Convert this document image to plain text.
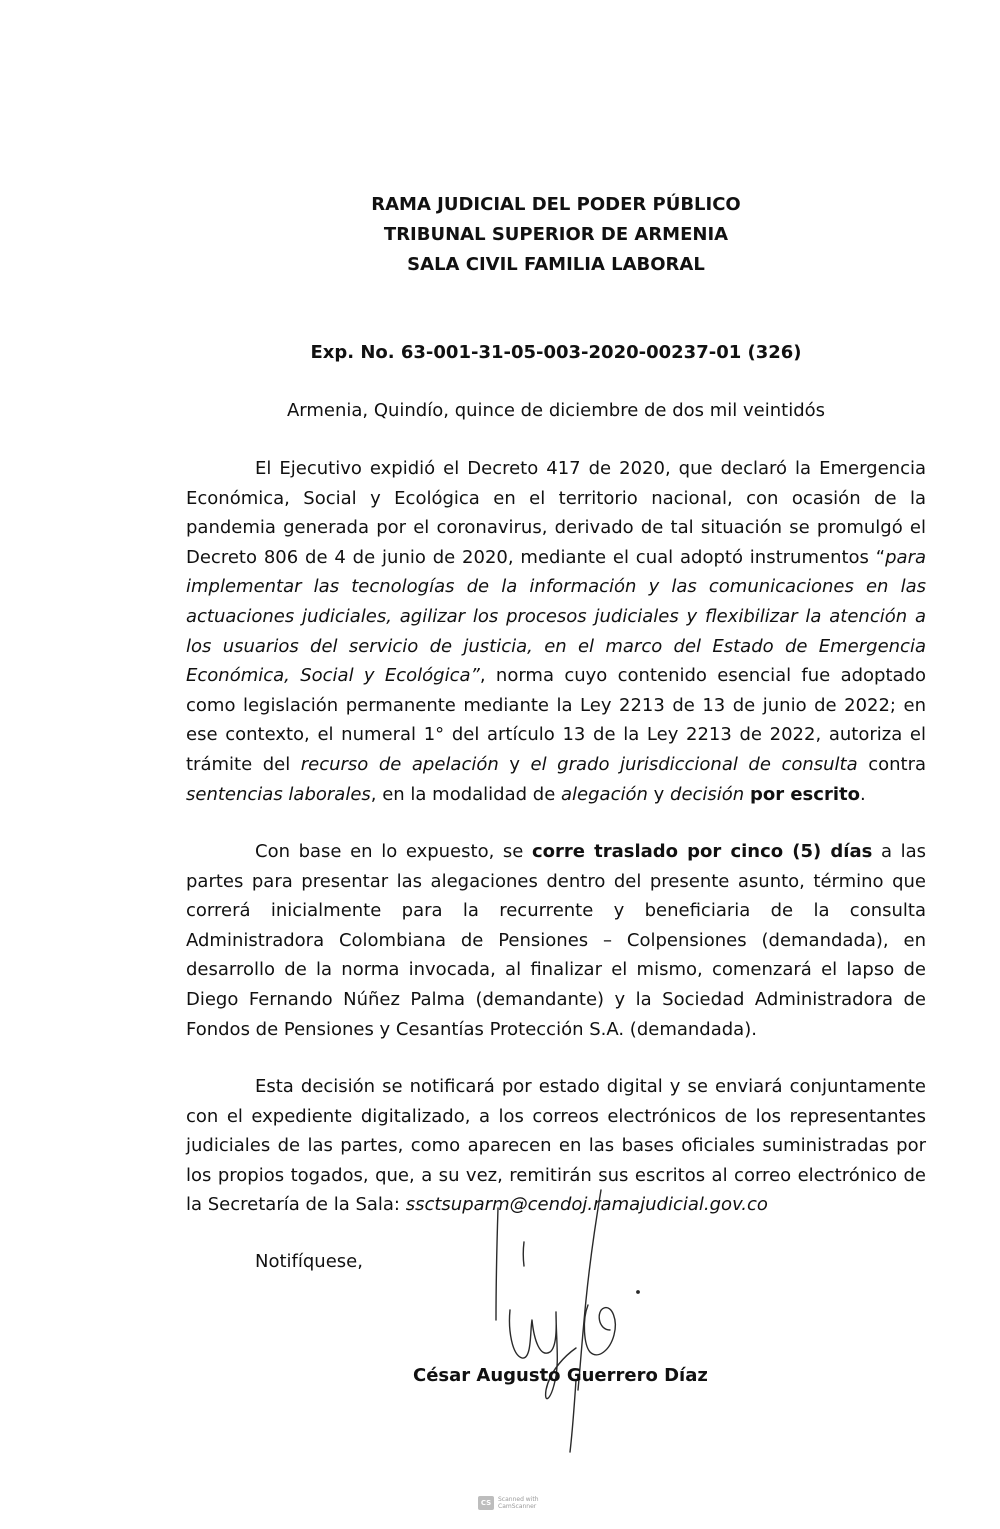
RAMA JUDICIAL DEL PODER PÚBLICO
TRIBUNAL SUPERIOR DE ARMENIA
SALA CIVIL FAMILIA LABORAL
Exp. No. 63-001-31-05-003-2020-00237-01 (326)
Armenia, Quindío, quince de diciembre de dos mil veintidós

El Ejecutivo expidió el Decreto 417 de 2020, que declaró la Emergencia Económica, Social y Ecológica en el territorio nacional, con ocasión de la pandemia generada por el coronavirus, derivado de tal situación se promulgó el Decreto 806 de 4 de junio de 2020, mediante el cual adoptó instrumentos “para implementar las tecnologías de la información y las comunicaciones en las actuaciones judiciales, agilizar los procesos judiciales y flexibilizar la atención a los usuarios del servicio de justicia, en el marco del Estado de Emergencia Económica, Social y Ecológica”, norma cuyo contenido esencial fue adoptado como legislación permanente mediante la Ley 2213 de 13 de junio de 2022; en ese contexto, el numeral 1° del artículo 13 de la Ley 2213 de 2022, autoriza el trámite del recurso de apelación y el grado jurisdiccional de consulta contra sentencias laborales, en la modalidad de alegación y decisión por escrito.

Con base en lo expuesto, se corre traslado por cinco (5) días a las partes para presentar las alegaciones dentro del presente asunto, término que correrá inicialmente para la recurrente y beneficiaria de la consulta Administradora Colombiana de Pensiones – Colpensiones (demandada), en desarrollo de la norma invocada, al finalizar el mismo, comenzará el lapso de Diego Fernando Núñez Palma (demandante) y la Sociedad Administradora de Fondos de Pensiones y Cesantías Protección S.A. (demandada).

Esta decisión se notificará por estado digital y se enviará conjuntamente con el expediente digitalizado, a los correos electrónicos de los representantes judiciales de las partes, como aparecen en las bases oficiales suministradas por los propios togados, que, a su vez, remitirán sus escritos al correo electrónico de la Secretaría de la Sala: ssctsuparm@cendoj.ramajudicial.gov.co

Notifíquese,
César Augusto Guerrero Díaz
CS	Scanned with
CamScanner
